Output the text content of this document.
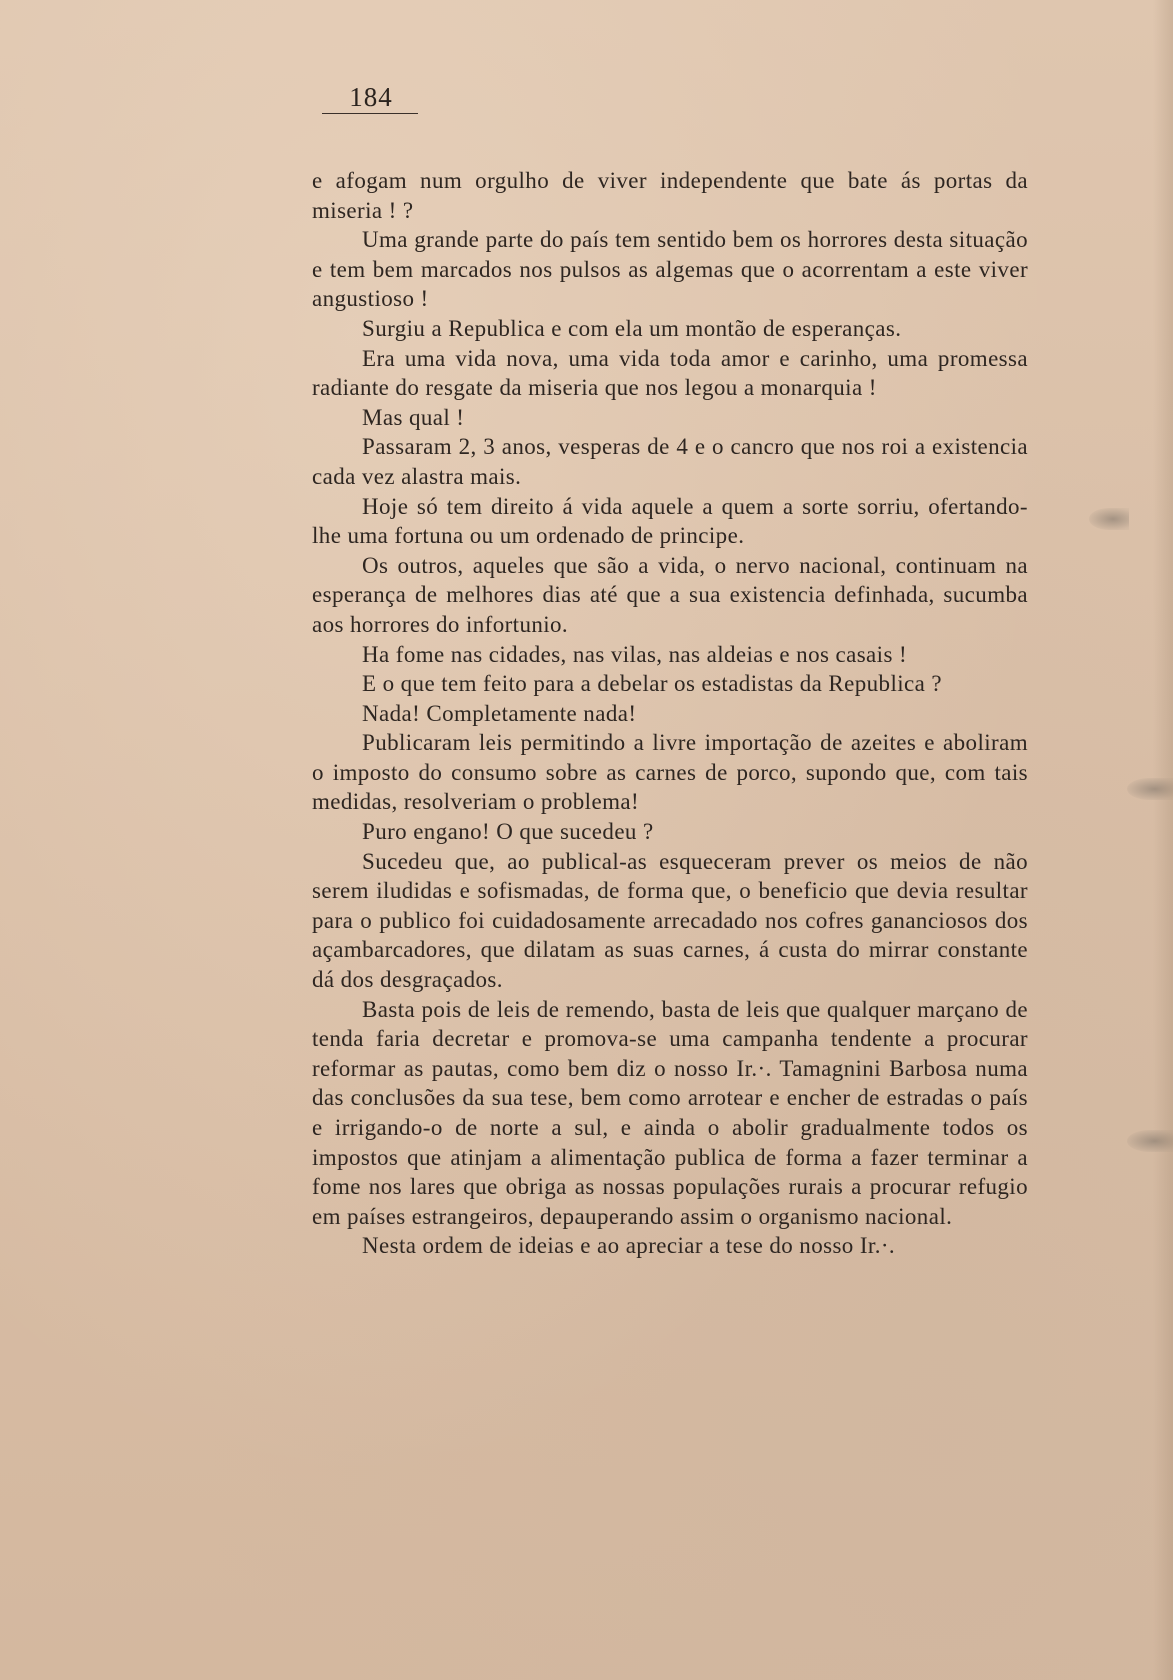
184

e afogam num orgulho de viver independente que bate ás portas da miseria ! ?

Uma grande parte do país tem sentido bem os horrores desta situação e tem bem marcados nos pulsos as algemas que o acorrentam a este viver angustioso !

Surgiu a Republica e com ela um montão de esperanças.

Era uma vida nova, uma vida toda amor e carinho, uma promessa radiante do resgate da miseria que nos legou a monarquia !

Mas qual !

Passaram 2, 3 anos, vesperas de 4 e o cancro que nos roi a existencia cada vez alastra mais.

Hoje só tem direito á vida aquele a quem a sorte sorriu, ofertando-lhe uma fortuna ou um ordenado de principe.

Os outros, aqueles que são a vida, o nervo nacional, continuam na esperança de melhores dias até que a sua existencia definhada, sucumba aos horrores do infortunio.

Ha fome nas cidades, nas vilas, nas aldeias e nos casais !

E o que tem feito para a debelar os estadistas da Republica ?

Nada! Completamente nada!

Publicaram leis permitindo a livre importação de azeites e aboliram o imposto do consumo sobre as carnes de porco, supondo que, com tais medidas, resolveriam o problema!

Puro engano! O que sucedeu ?

Sucedeu que, ao publical-as esqueceram prever os meios de não serem iludidas e sofismadas, de forma que, o beneficio que devia resultar para o publico foi cuidadosamente arrecadado nos cofres gananciosos dos açambarcadores, que dilatam as suas carnes, á custa do mirrar constante dá dos desgraçados.

Basta pois de leis de remendo, basta de leis que qualquer marçano de tenda faria decretar e promova-se uma campanha tendente a procurar reformar as pautas, como bem diz o nosso Ir.·. Tamagnini Barbosa numa das conclusões da sua tese, bem como arrotear e encher de estradas o país e irrigando-o de norte a sul, e ainda o abolir gradualmente todos os impostos que atinjam a alimentação publica de forma a fazer terminar a fome nos lares que obriga as nossas populações rurais a procurar refugio em países estrangeiros, depauperando assim o organismo nacional.

Nesta ordem de ideias e ao apreciar a tese do nosso Ir.·.
